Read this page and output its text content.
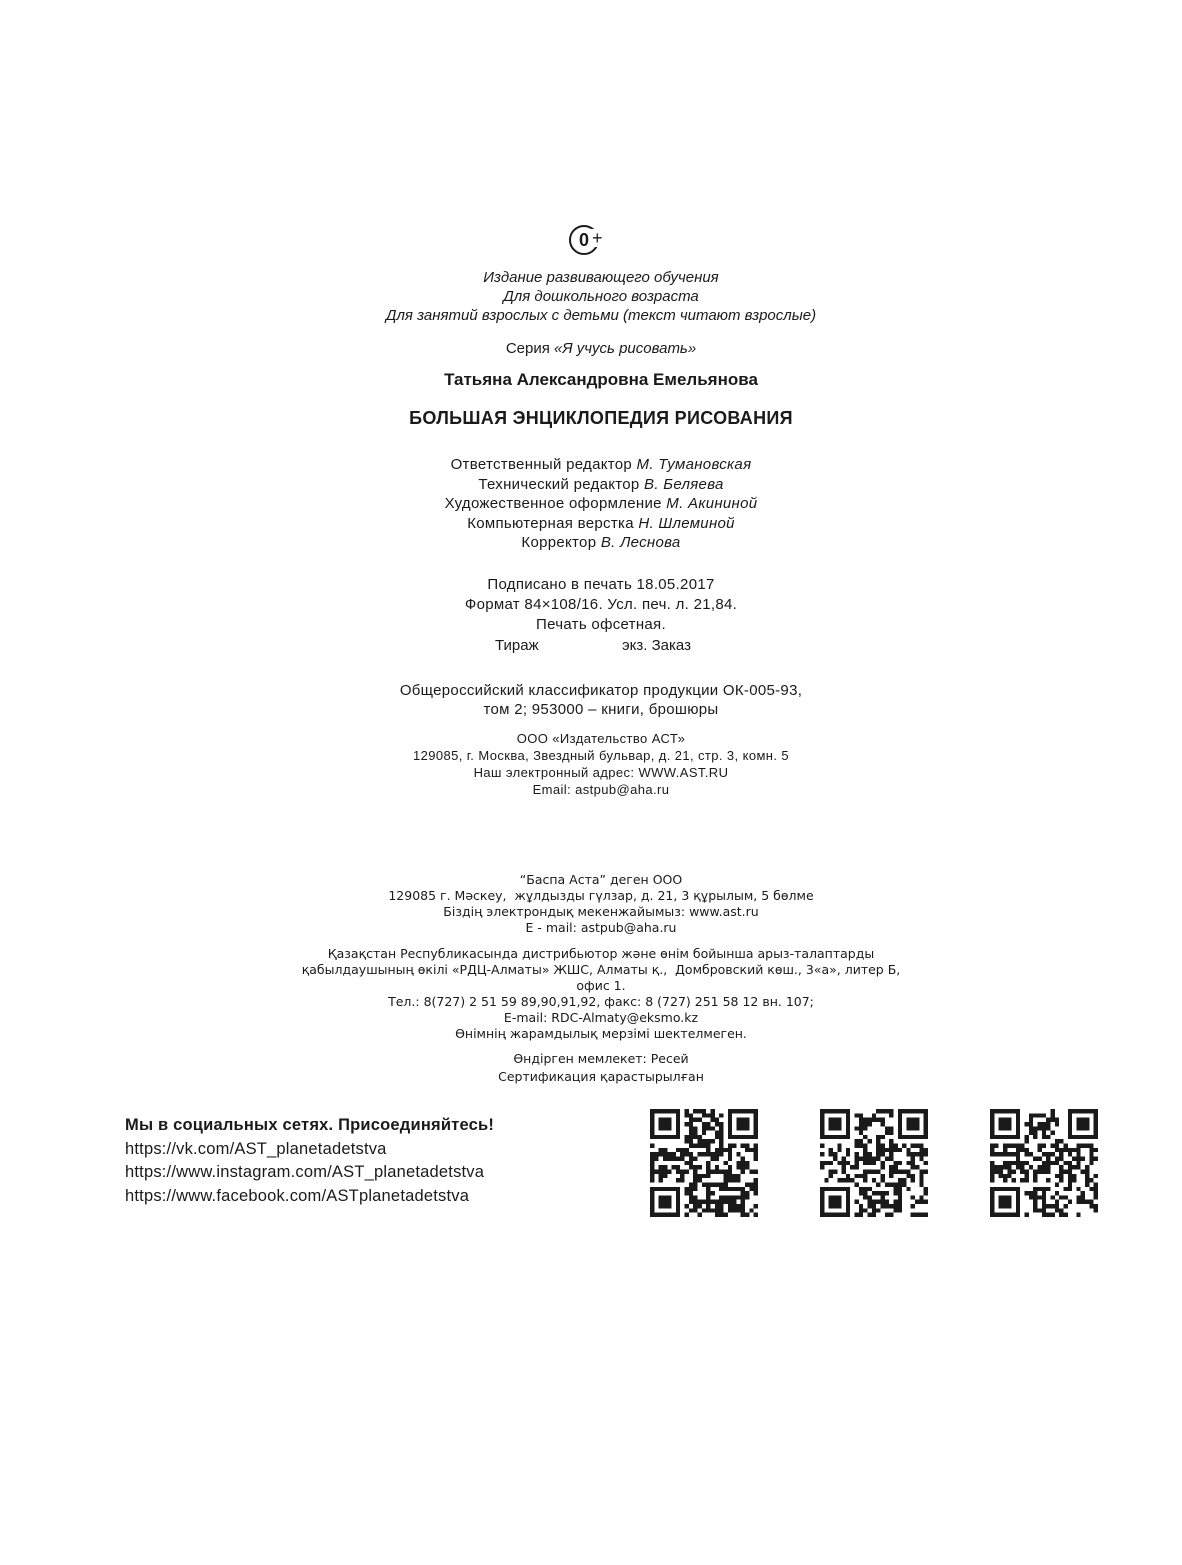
0 +
Издание развивающего обучения
Для дошкольного возраста
Для занятий взрослых с детьми (текст читают взрослые)
Серия «Я учусь рисовать»
Татьяна Александровна Емельянова
БОЛЬШАЯ ЭНЦИКЛОПЕДИЯ РИСОВАНИЯ
Ответственный редактор М. Тумановская
Технический редактор В. Беляева
Художественное оформление М. Акининой
Компьютерная верстка Н. Шлеминой
Корректор В. Леснова
Подписано в печать 18.05.2017
Формат 84×108/16. Усл. печ. л. 21,84.
Печать офсетная.
Тираж	экз. Заказ
Общероссийский классификатор продукции ОК-005-93,
том 2; 953000 – книги, брошюры
ООО «Издательство АСТ»
129085, г. Москва, Звездный бульвар, д. 21, стр. 3, комн. 5
Наш электронный адрес: WWW.AST.RU
Email: astpub@aha.ru
“Баспа Аста” деген ООО
129085 г. Мәскеу,  жұлдызды гүлзар, д. 21, 3 құрылым, 5 бөлме
Біздің электрондық мекенжайымыз: www.ast.ru
E - mail: astpub@aha.ru
Қазақстан Республикасында дистрибьютор және өнім бойынша арыз-талаптарды
қабылдаушының өкілі «РДЦ-Алматы» ЖШС, Алматы қ.,  Домбровский көш., 3«а», литер Б,
офис 1.
Тел.: 8(727) 2 51 59 89,90,91,92, факс: 8 (727) 251 58 12 вн. 107;
E-mail: RDC-Almaty@eksmo.kz
Өнімнің жарамдылық мерзімі шектелмеген.
Өндірген мемлекет: Ресей
Сертификация қарастырылған
Мы в социальных сетях. Присоединяйтесь!
https://vk.com/AST_planetadetstva
https://www.instagram.com/AST_planetadetstva
https://www.facebook.com/ASTplanetadetstva
